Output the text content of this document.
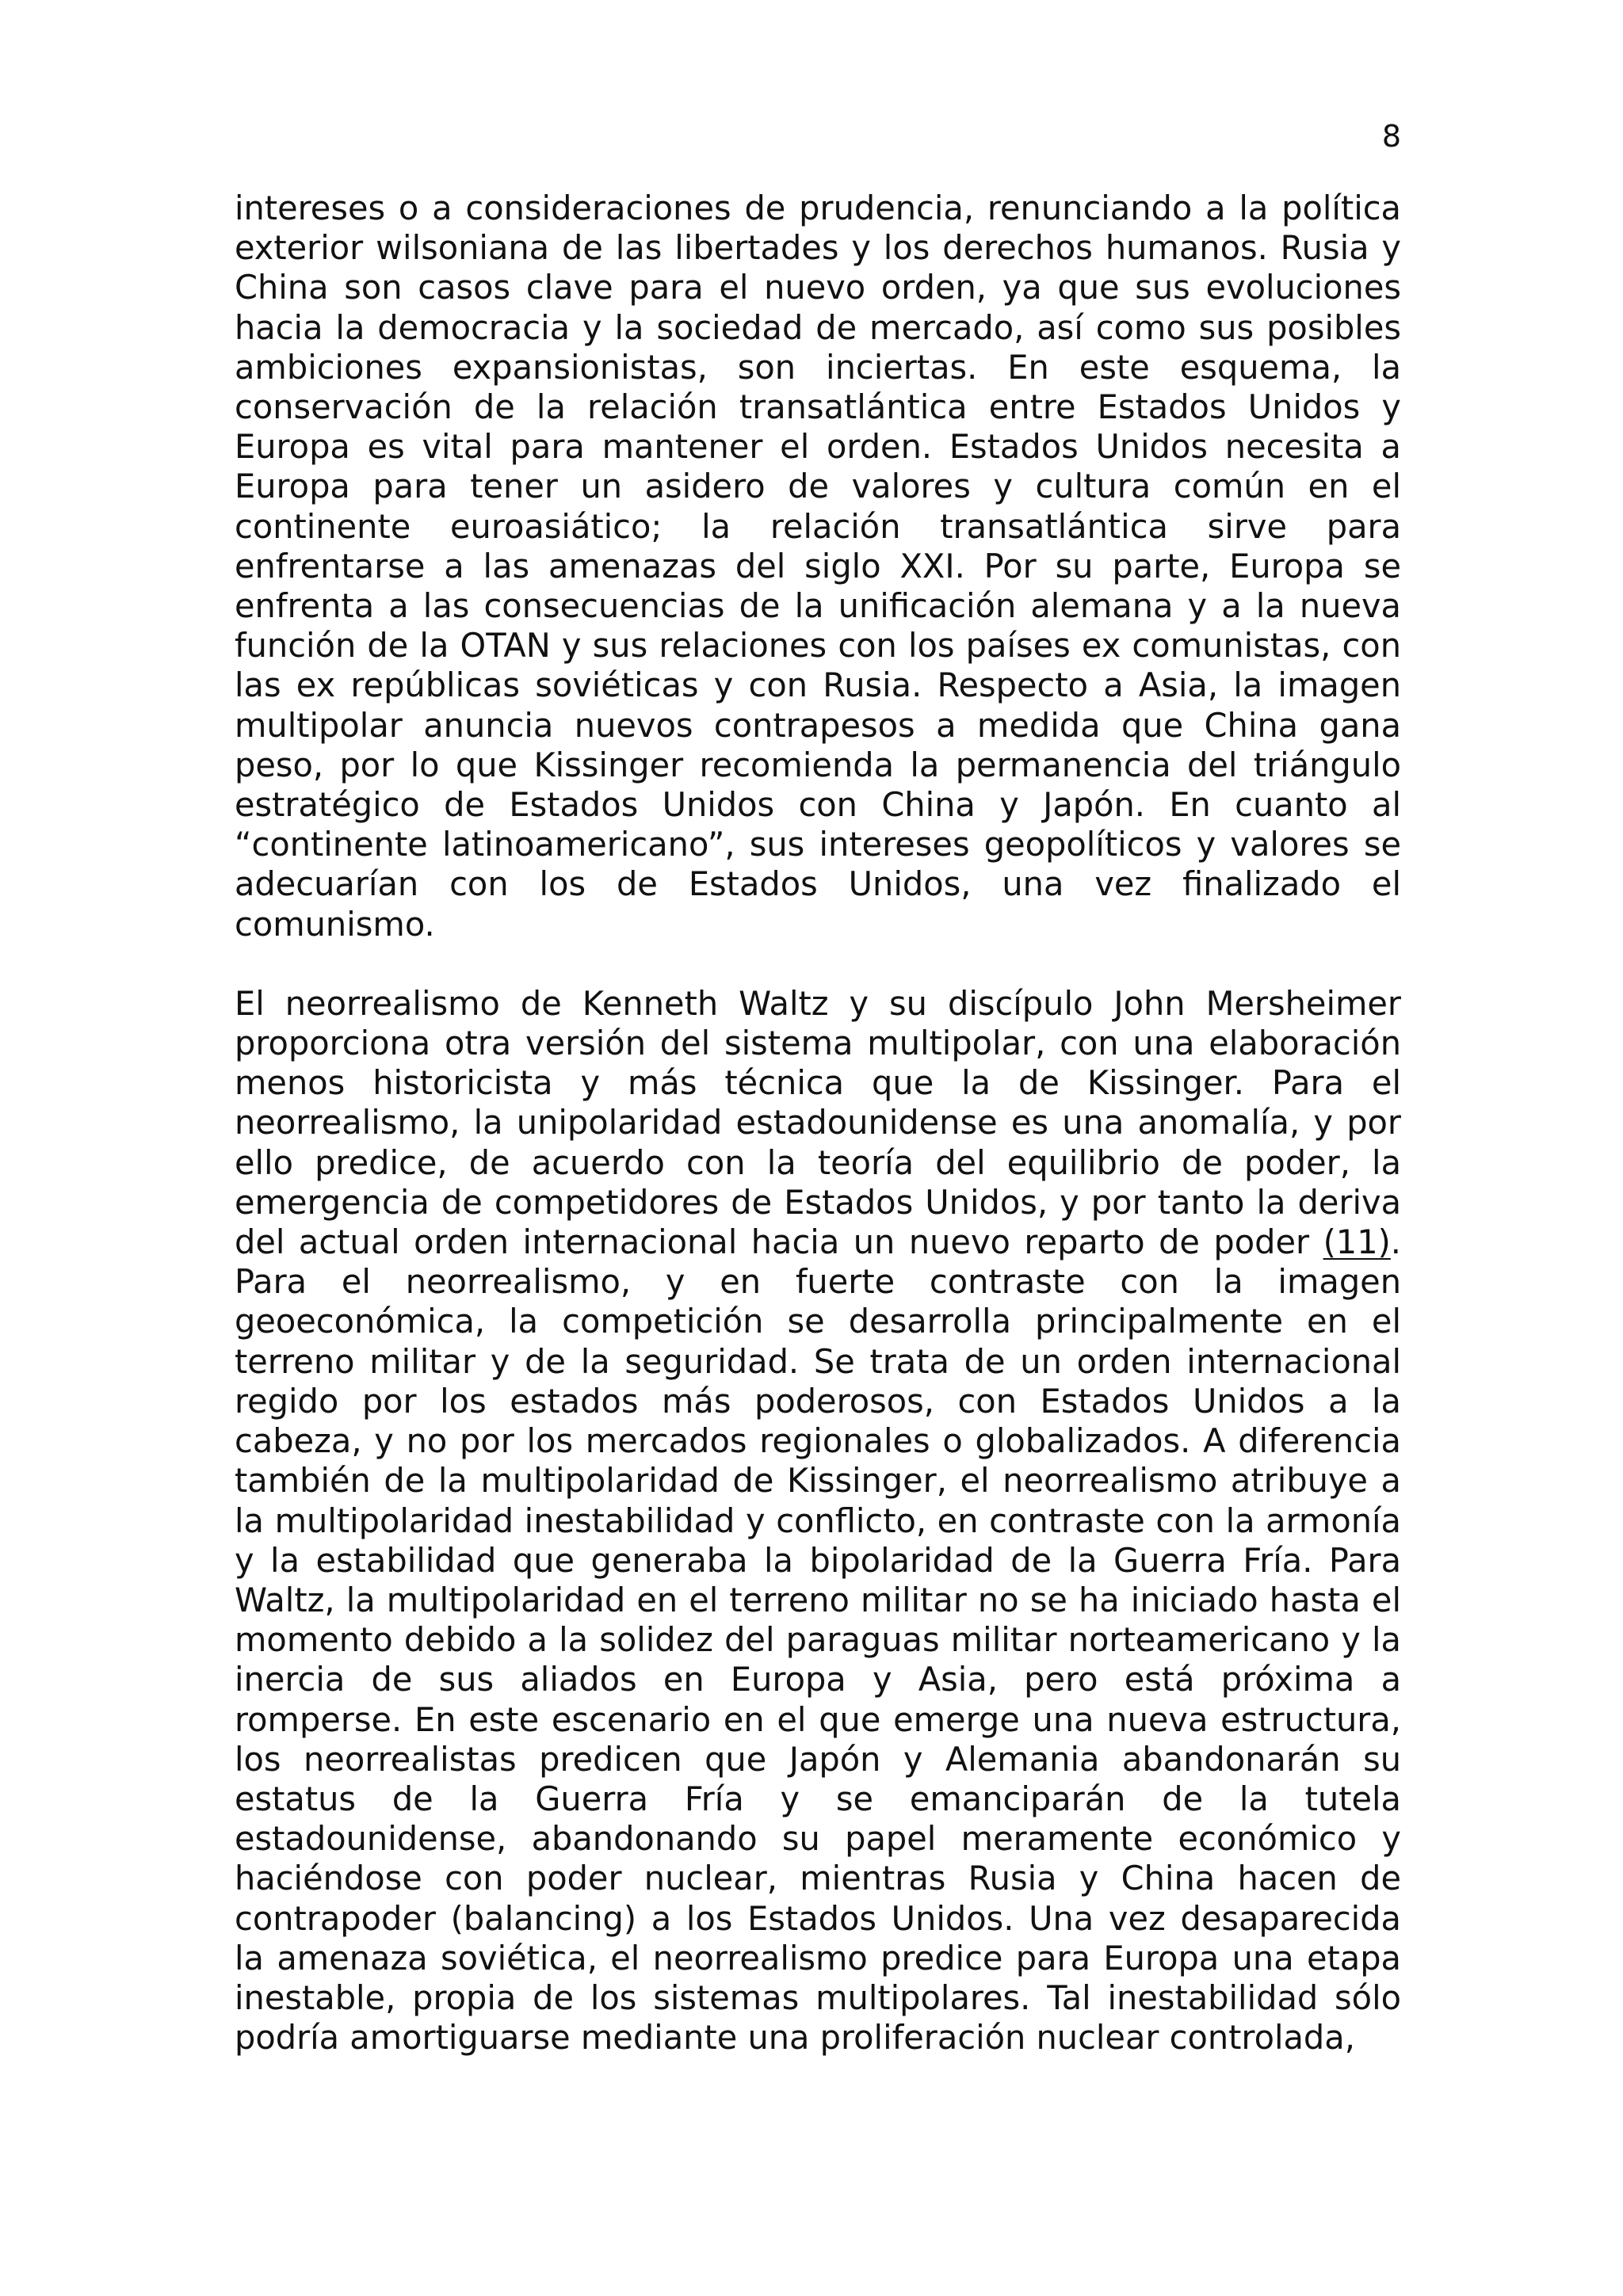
8

intereses o a consideraciones de prudencia, renunciando a la política exterior wilsoniana de las libertades y los derechos humanos. Rusia y China son casos clave para el nuevo orden, ya que sus evoluciones hacia la democracia y la sociedad de mercado, así como sus posibles ambiciones expansionistas, son inciertas. En este esquema, la conservación de la relación transatlántica entre Estados Unidos y Europa es vital para mantener el orden. Estados Unidos necesita a Europa para tener un asidero de valores y cultura común en el continente euroasiático; la relación transatlántica sirve para enfrentarse a las amenazas del siglo XXI. Por su parte, Europa se enfrenta a las consecuencias de la unificación alemana y a la nueva función de la OTAN y sus relaciones con los países ex comunistas, con las ex repúblicas soviéticas y con Rusia. Respecto a Asia, la imagen multipolar anuncia nuevos contrapesos a medida que China gana peso, por lo que Kissinger recomienda la permanencia del triángulo estratégico de Estados Unidos con China y Japón. En cuanto al “continente latinoamericano”, sus intereses geopolíticos y valores se adecuarían con los de Estados Unidos, una vez finalizado el comunismo.

El neorrealismo de Kenneth Waltz y su discípulo John Mersheimer proporciona otra versión del sistema multipolar, con una elaboración menos historicista y más técnica que la de Kissinger. Para el neorrealismo, la unipolaridad estadounidense es una anomalía, y por ello predice, de acuerdo con la teoría del equilibrio de poder, la emergencia de competidores de Estados Unidos, y por tanto la deriva del actual orden internacional hacia un nuevo reparto de poder (11). Para el neorrealismo, y en fuerte contraste con la imagen geoeconómica, la competición se desarrolla principalmente en el terreno militar y de la seguridad. Se trata de un orden internacional regido por los estados más poderosos, con Estados Unidos a la cabeza, y no por los mercados regionales o globalizados. A diferencia también de la multipolaridad de Kissinger, el neorrealismo atribuye a la multipolaridad inestabilidad y conflicto, en contraste con la armonía y la estabilidad que generaba la bipolaridad de la Guerra Fría. Para Waltz, la multipolaridad en el terreno militar no se ha iniciado hasta el momento debido a la solidez del paraguas militar norteamericano y la inercia de sus aliados en Europa y Asia, pero está próxima a romperse. En este escenario en el que emerge una nueva estructura, los neorrealistas predicen que Japón y Alemania abandonarán su estatus de la Guerra Fría y se emanciparán de la tutela estadounidense, abandonando su papel meramente económico y haciéndose con poder nuclear, mientras Rusia y China hacen de contrapoder (balancing) a los Estados Unidos. Una vez desaparecida la amenaza soviética, el neorrealismo predice para Europa una etapa inestable, propia de los sistemas multipolares. Tal inestabilidad sólo podría amortiguarse mediante una proliferación nuclear controlada,
